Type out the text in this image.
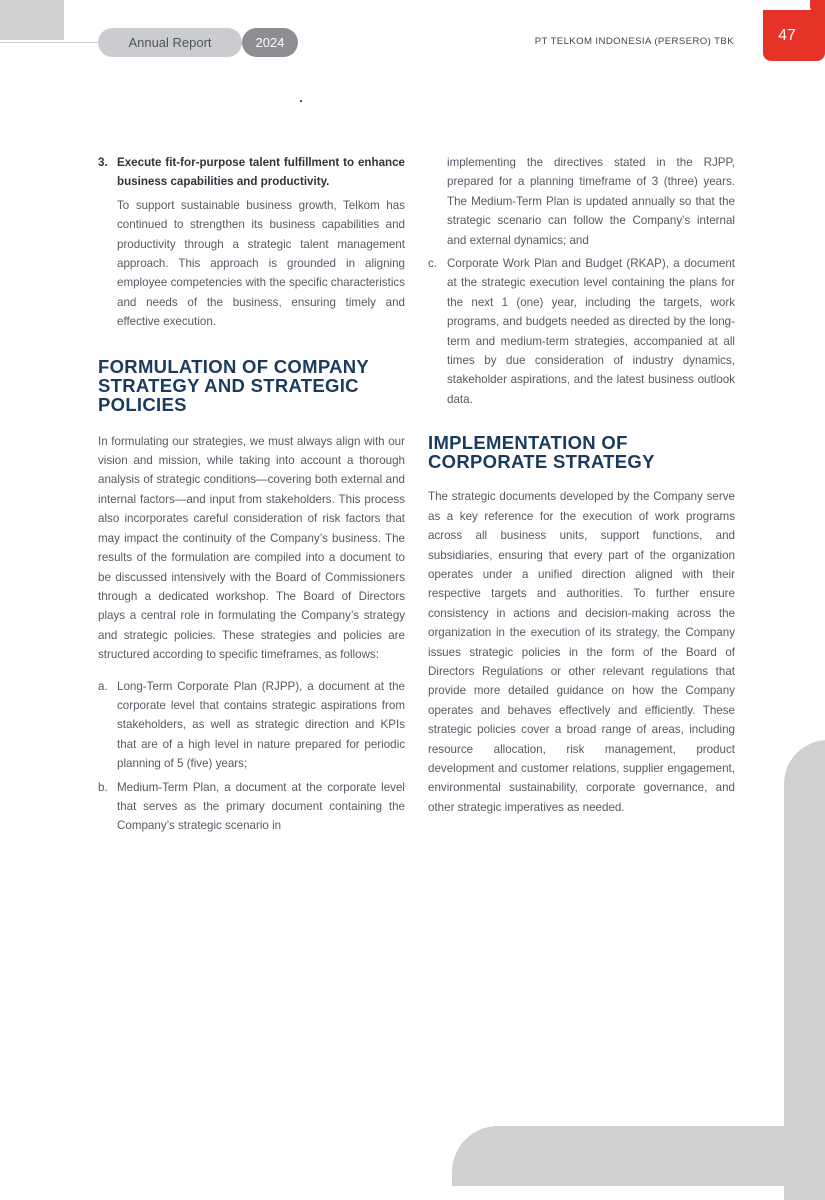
Annual Report	2024	PT TELKOM INDONESIA (PERSERO) TBK	47
3. Execute fit-for-purpose talent fulfillment to enhance business capabilities and productivity.

To support sustainable business growth, Telkom has continued to strengthen its business capabilities and productivity through a strategic talent management approach. This approach is grounded in aligning employee competencies with the specific characteristics and needs of the business, ensuring timely and effective execution.

FORMULATION OF COMPANY STRATEGY AND STRATEGIC POLICIES

In formulating our strategies, we must always align with our vision and mission, while taking into account a thorough analysis of strategic conditions—covering both external and internal factors—and input from stakeholders. This process also incorporates careful consideration of risk factors that may impact the continuity of the Company’s business. The results of the formulation are compiled into a document to be discussed intensively with the Board of Commissioners through a dedicated workshop. The Board of Directors plays a central role in formulating the Company’s strategy and strategic policies. These strategies and policies are structured according to specific timeframes, as follows:

a. Long-Term Corporate Plan (RJPP), a document at the corporate level that contains strategic aspirations from stakeholders, as well as strategic direction and KPIs that are of a high level in nature prepared for periodic planning of 5 (five) years;
b. Medium-Term Plan, a document at the corporate level that serves as the primary document containing the Company’s strategic scenario in

implementing the directives stated in the RJPP, prepared for a planning timeframe of 3 (three) years. The Medium-Term Plan is updated annually so that the strategic scenario can follow the Company’s internal and external dynamics; and

c. Corporate Work Plan and Budget (RKAP), a document at the strategic execution level containing the plans for the next 1 (one) year, including the targets, work programs, and budgets needed as directed by the long-term and medium-term strategies, accompanied at all times by due consideration of industry dynamics, stakeholder aspirations, and the latest business outlook data.
IMPLEMENTATION OF CORPORATE STRATEGY

The strategic documents developed by the Company serve as a key reference for the execution of work programs across all business units, support functions, and subsidiaries, ensuring that every part of the organization operates under a unified direction aligned with their respective targets and authorities. To further ensure consistency in actions and decision-making across the organization in the execution of its strategy, the Company issues strategic policies in the form of the Board of Directors Regulations or other relevant regulations that provide more detailed guidance on how the Company operates and behaves effectively and efficiently. These strategic policies cover a broad range of areas, including resource allocation, risk management, product development and customer relations, supplier engagement, environmental sustainability, corporate governance, and other strategic imperatives as needed.
